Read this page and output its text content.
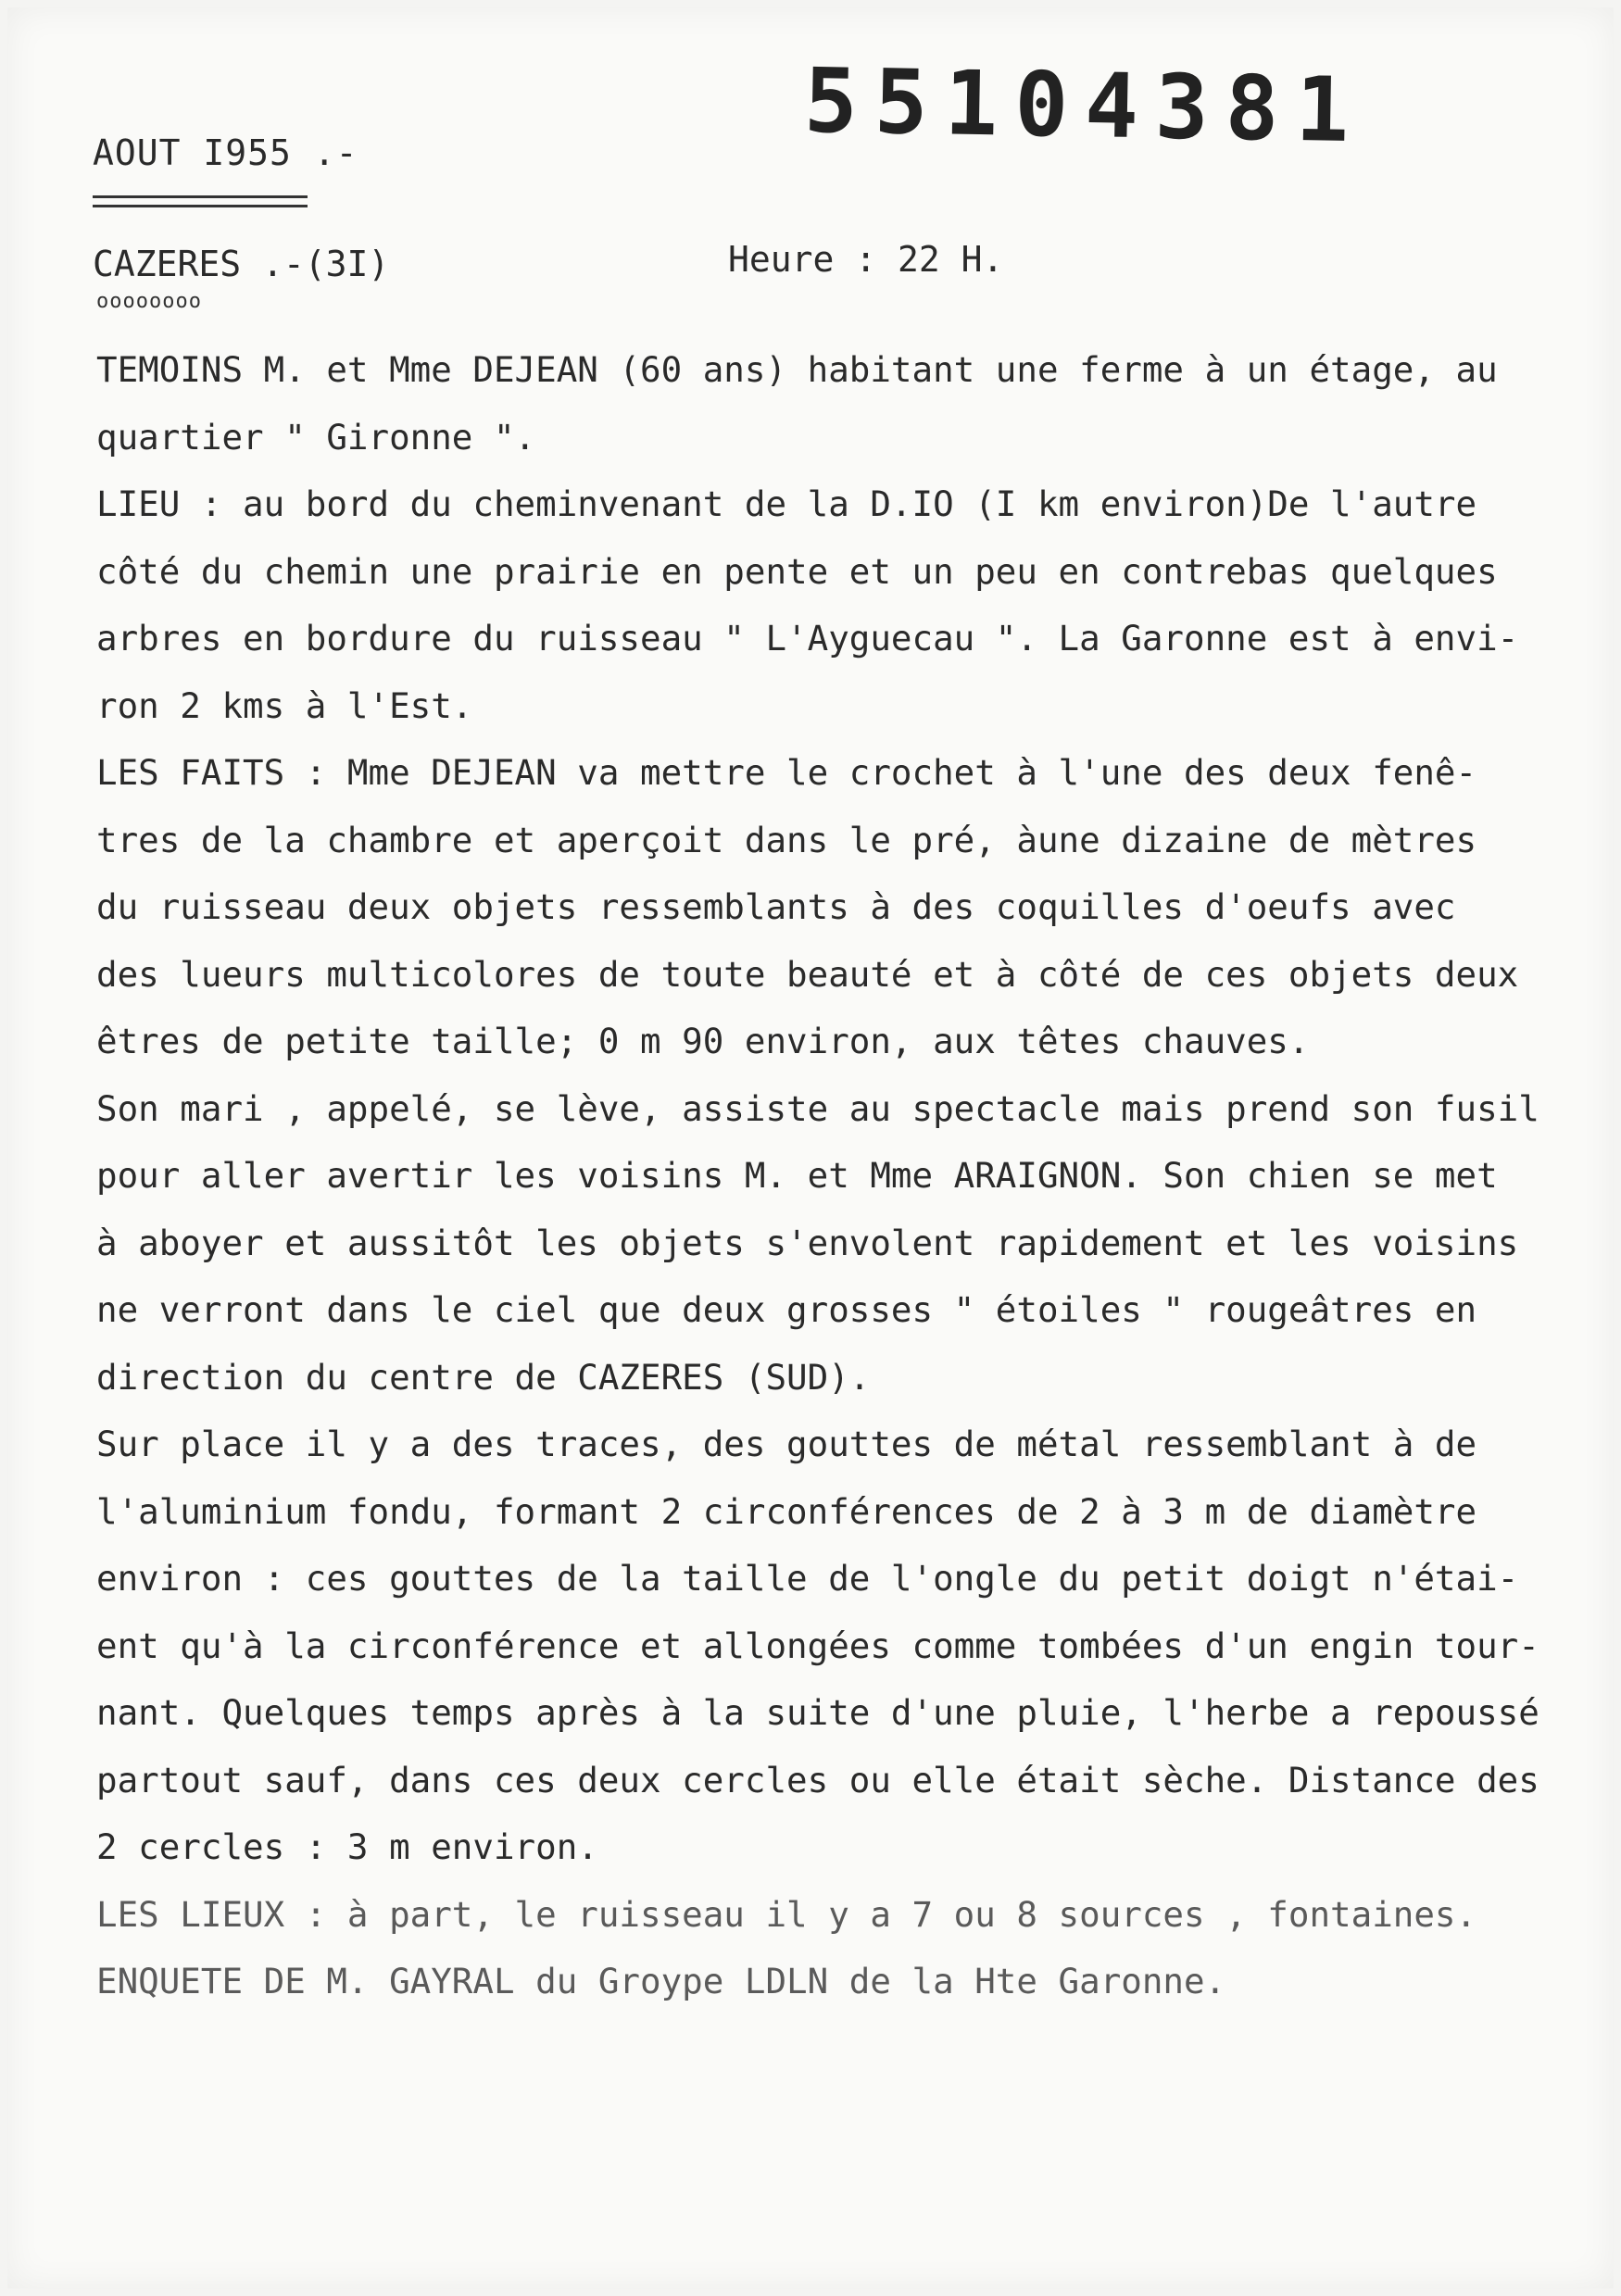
55104381
AOUT I955 .-
CAZERES .-(3I)	Heure : 22 H.
oooooooo
TEMOINS M. et Mme DEJEAN (60 ans) habitant une ferme à un étage, au
quartier " Gironne ".
LIEU : au bord du cheminvenant de la D.IO (I km environ)De l'autre
côté du chemin une prairie en pente et un peu en contrebas quelques
arbres en bordure du ruisseau " L'Ayguecau ". La Garonne est à envi-
ron 2 kms à l'Est.
LES FAITS : Mme DEJEAN va mettre le crochet à l'une des deux fenê-
tres de la chambre et aperçoit dans le pré, àune dizaine de mètres
du ruisseau deux objets ressemblants à des coquilles d'oeufs avec
des lueurs multicolores de toute beauté et à côté de ces objets deux
êtres de petite taille; 0 m 90 environ, aux têtes chauves.
Son mari , appelé, se lève, assiste au spectacle mais prend son fusil
pour aller avertir les voisins M. et Mme ARAIGNON. Son chien se met
à aboyer et aussitôt les objets s'envolent rapidement et les voisins
ne verront dans le ciel que deux grosses " étoiles " rougeâtres en
direction du centre de CAZERES (SUD).
Sur place il y a des traces, des gouttes de métal ressemblant à de
l'aluminium fondu, formant 2 circonférences de 2 à 3 m de diamètre
environ : ces gouttes de la taille de l'ongle du petit doigt n'étai-
ent qu'à la circonférence et allongées comme tombées d'un engin tour-
nant. Quelques temps après à la suite d'une pluie, l'herbe a repoussé
partout sauf, dans ces deux cercles ou elle était sèche. Distance des
2 cercles : 3 m environ.
LES LIEUX : à part, le ruisseau il y a 7 ou 8 sources , fontaines.
ENQUETE DE M. GAYRAL du Groype LDLN de la Hte Garonne.
